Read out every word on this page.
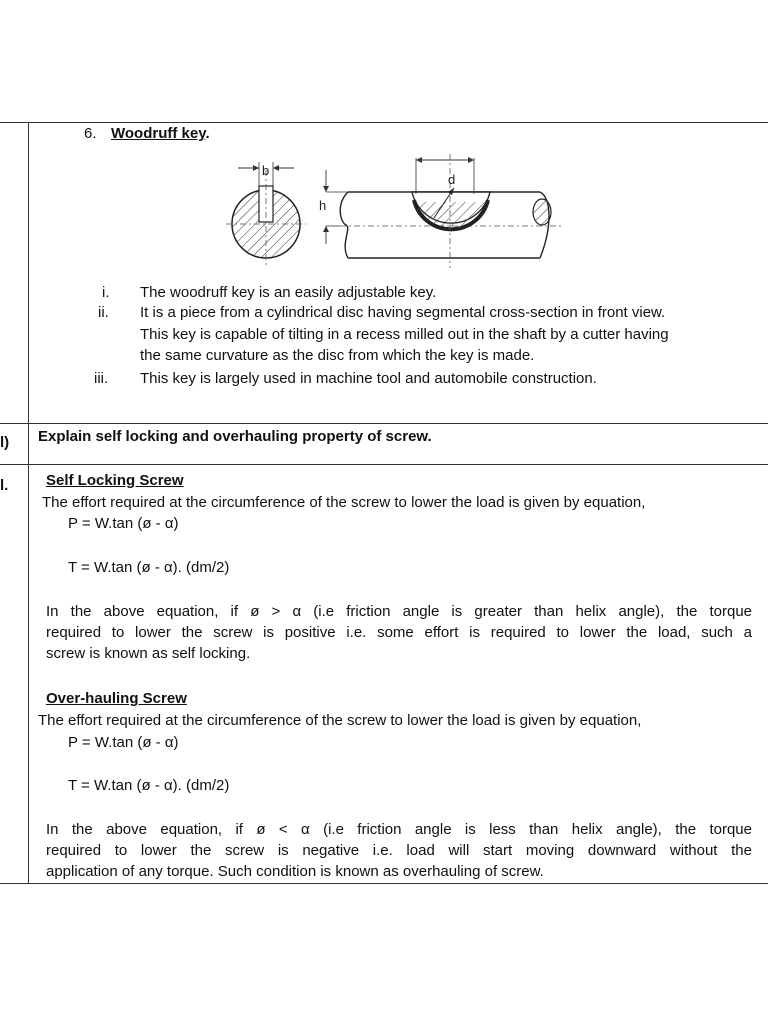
6. Woodruff key.
b
d
h
i. The woodruff key is an easily adjustable key.
ii. It is a piece from a cylindrical disc having segmental cross-section in front view.
This key is capable of tilting in a recess milled out in the shaft by a cutter having
the same curvature as the disc from which the key is made.
iii. This key is largely used in machine tool and automobile construction.
l) Explain self locking and overhauling property of screw.
l.	Self Locking Screw
The effort required at the circumference of the screw to lower the load is given by equation,
P = W.tan (ø - α)
T = W.tan (ø - α). (dm/2)
In the above equation, if ø > α (i.e friction angle is greater than helix angle), the torque
required to lower the screw is positive i.e. some effort is required to lower the load, such a
screw is known as self locking.
Over-hauling Screw
The effort required at the circumference of the screw to lower the load is given by equation,
P = W.tan (ø - α)
T = W.tan (ø - α). (dm/2)
In the above equation, if ø < α (i.e friction angle is less than helix angle), the torque
required to lower the screw is negative i.e. load will start moving downward without the
application of any torque. Such condition is known as overhauling of screw.
